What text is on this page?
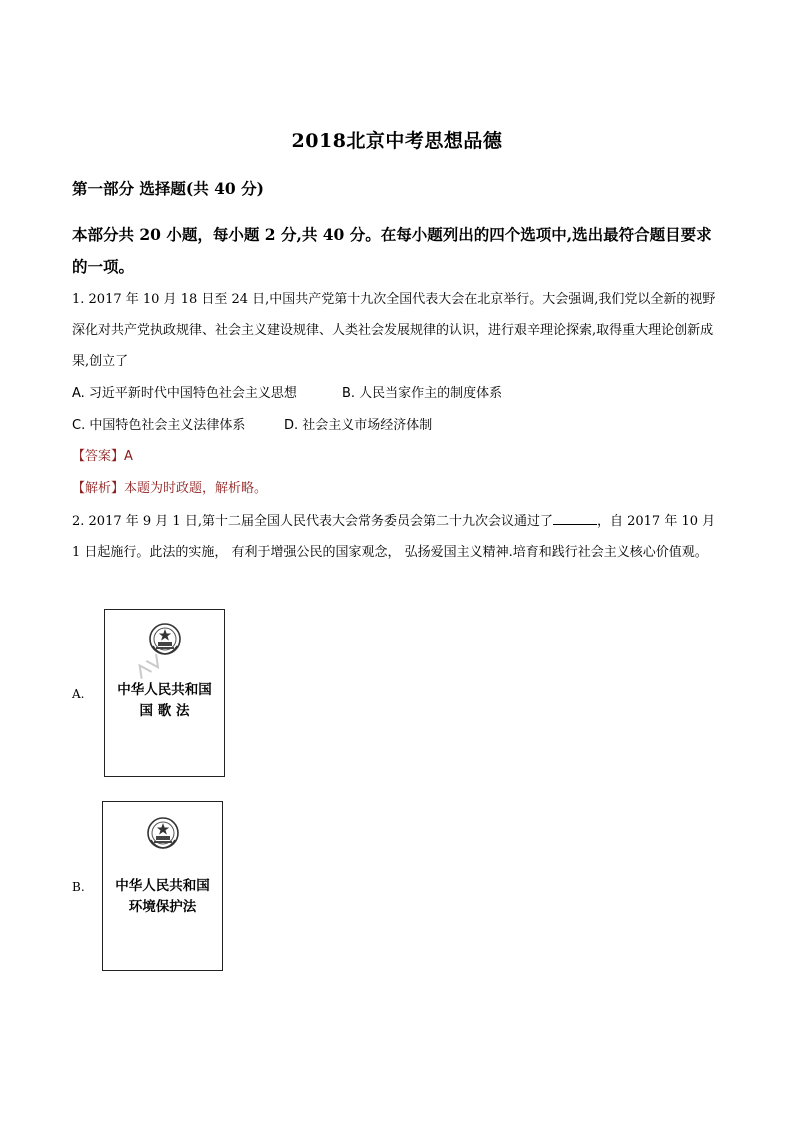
2018北京中考思想品德
第一部分 选择题(共 40 分)
本部分共 20 小题，每小题 2 分,共 40 分。在每小题列出的四个选项中,选出最符合题目要求的一项。
1. 2017 年 10 月 18 日至 24 日,中国共产党第十九次全国代表大会在北京举行。大会强调,我们党以全新的视野深化对共产党执政规律、社会主义建设规律、人类社会发展规律的认识，进行艰辛理论探索,取得重大理论创新成果,创立了
A. 习近平新时代中国特色社会主义思想	B. 人民当家作主的制度体系
C. 中国特色社会主义法律体系	D. 社会主义市场经济体制
【答案】A
【解析】本题为时政题，解析略。
2. 2017 年 9 月 1 日,第十二届全国人民代表大会常务委员会第二十九次会议通过了	，自 2017 年 10 月 1 日起施行。此法的实施， 有利于增强公民的国家观念， 弘扬爱国主义精神.培育和践行社会主义核心价值观。
A.	中华人民共和国
国 歌 法
B.	中华人民共和国
环境保护法
